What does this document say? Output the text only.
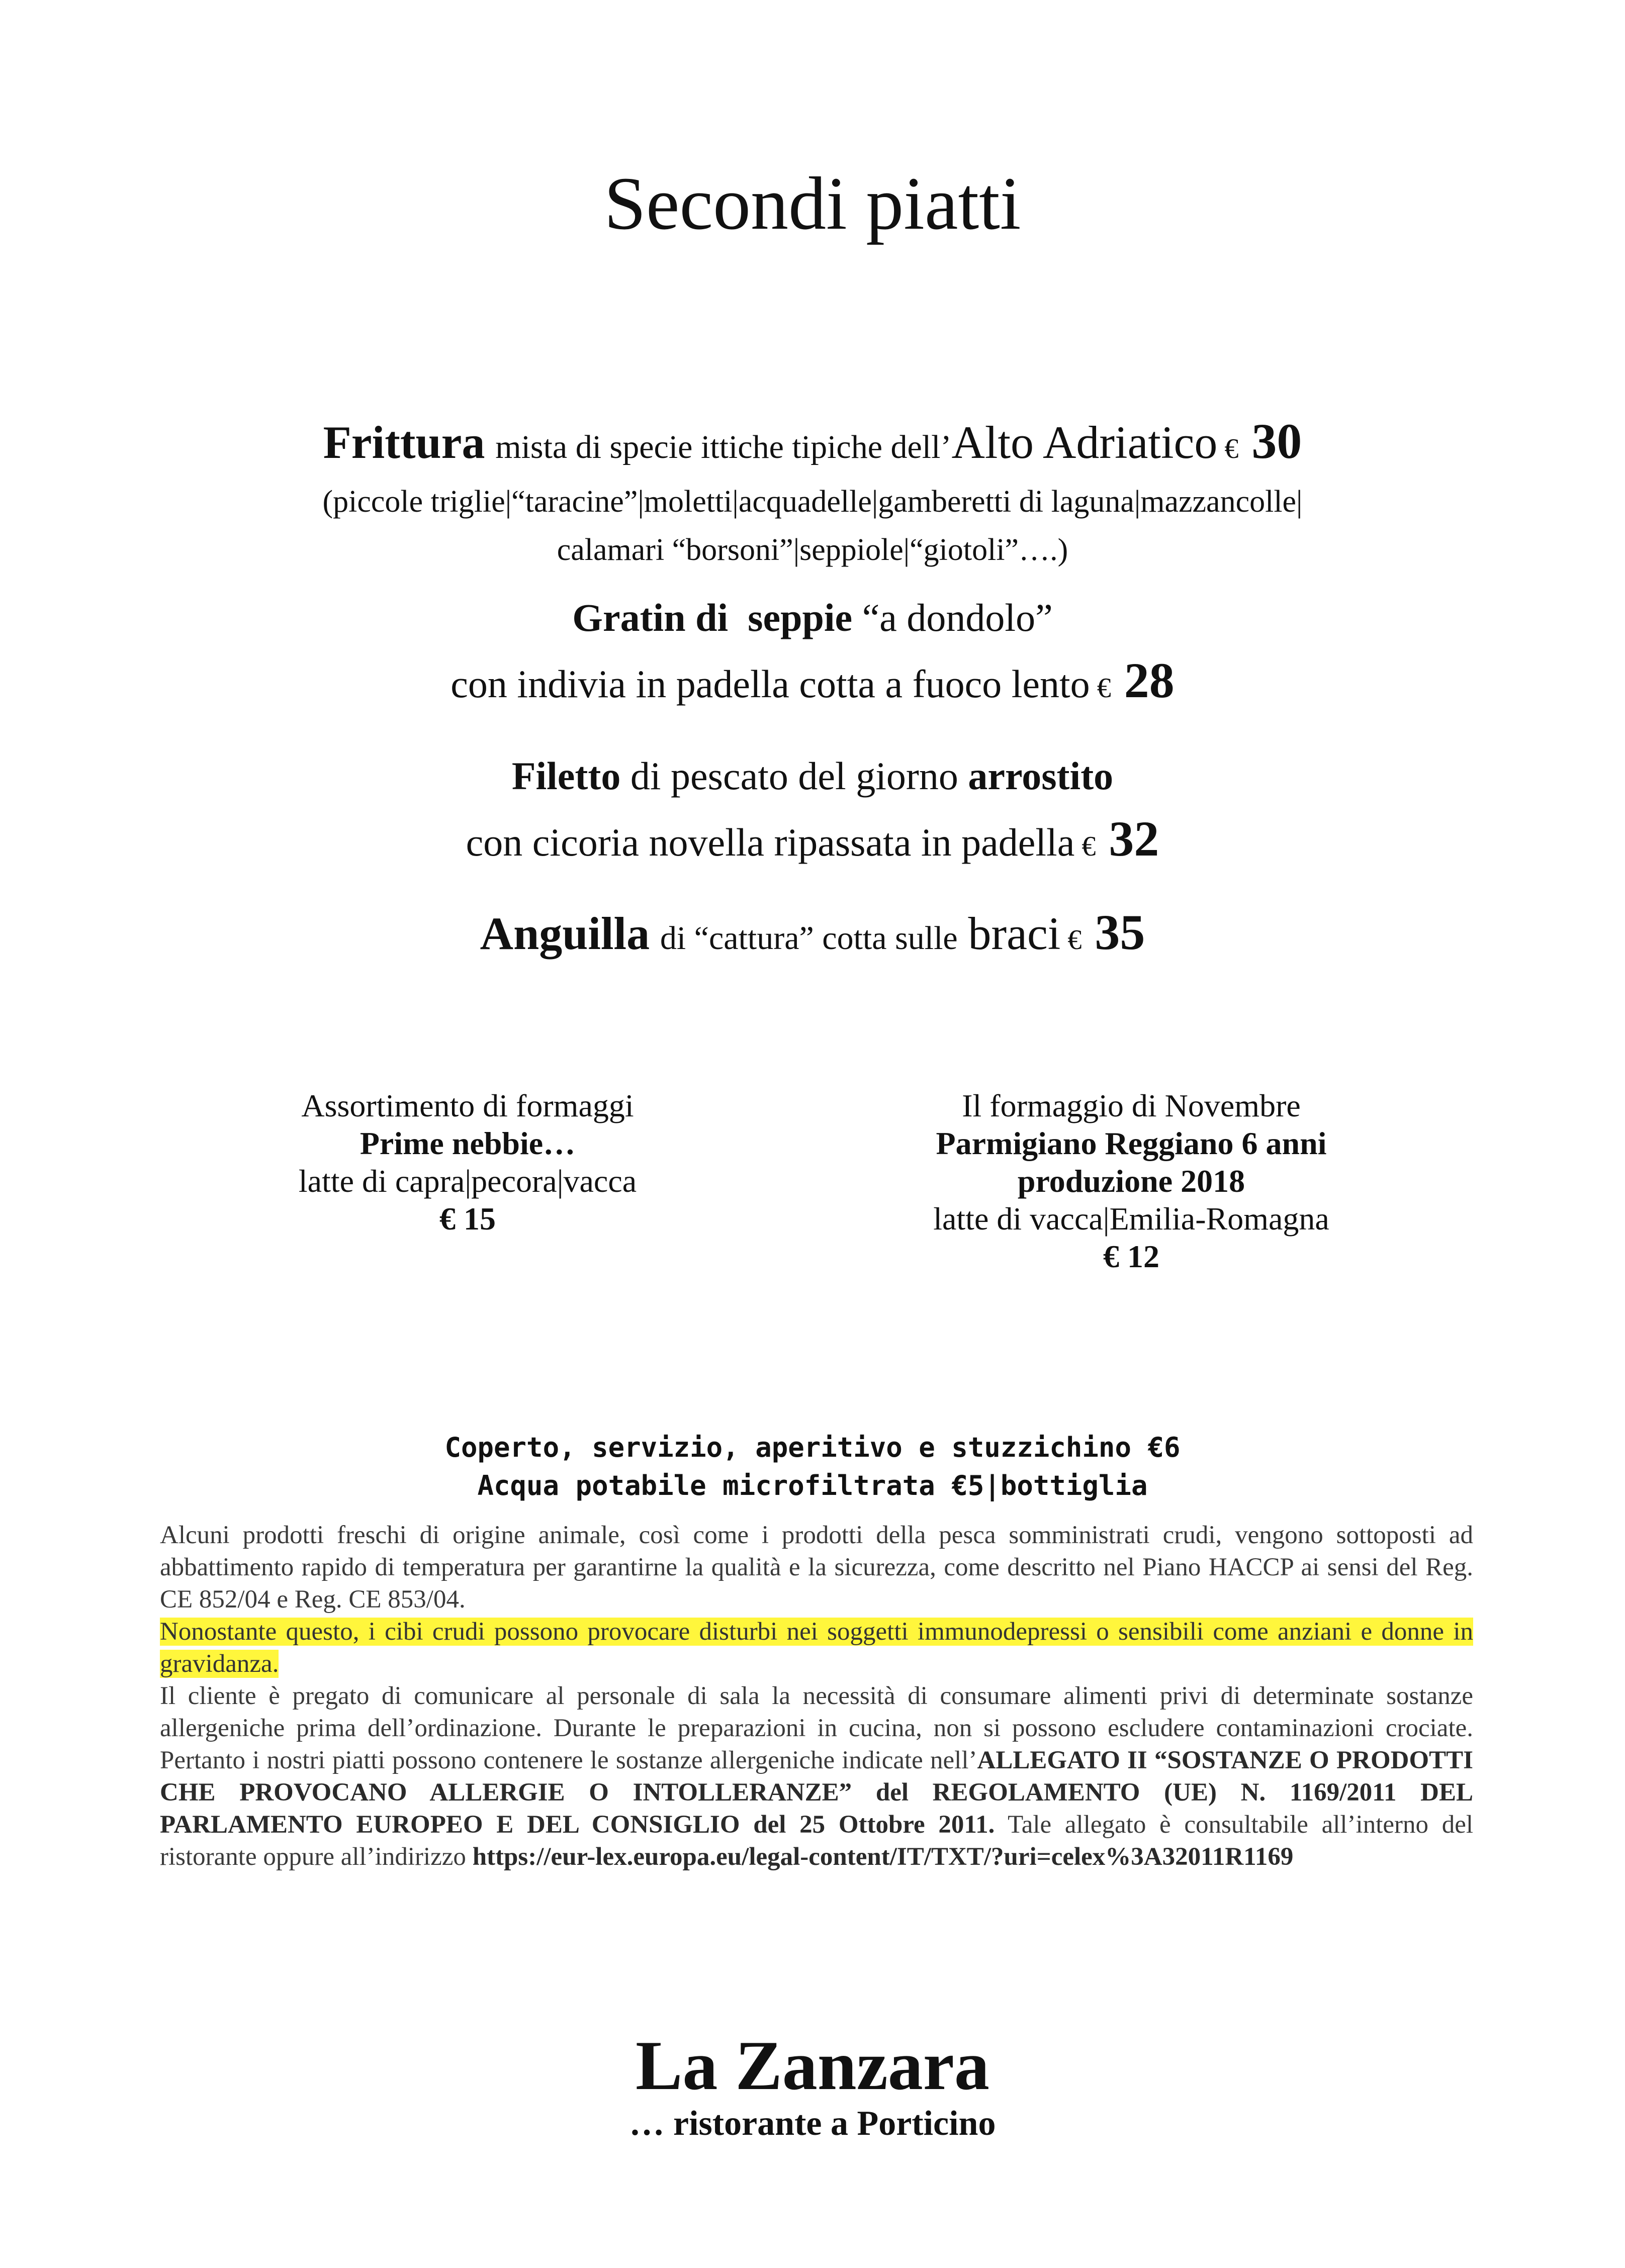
Secondi piatti
Frittura mista di specie ittiche tipiche dell’Alto Adriatico € 30
(piccole triglie|“taracine”|moletti|acquadelle|gamberetti di laguna|mazzancolle|
calamari “borsoni”|seppiole|“giotoli”….)
Gratin di  seppie “a dondolo”
con indivia in padella cotta a fuoco lento € 28
Filetto di pescato del giorno arrostito
con cicoria novella ripassata in padella € 32
Anguilla di “cattura” cotta sulle braci € 35
Assortimento di formaggi
Prime nebbie…
latte di capra|pecora|vacca
€ 15
Il formaggio di Novembre
Parmigiano Reggiano 6 anni
produzione 2018
latte di vacca|Emilia-Romagna
€ 12
Coperto, servizio, aperitivo e stuzzichino €6
Acqua potabile microfiltrata €5|bottiglia

Alcuni prodotti freschi di origine animale, così come i prodotti della pesca somministrati crudi, vengono sottoposti ad abbattimento rapido di temperatura per garantirne la qualità e la sicurezza, come descritto nel Piano HACCP ai sensi del Reg. CE 852/04 e Reg. CE 853/04.

Nonostante questo, i cibi crudi possono provocare disturbi nei soggetti immunodepressi o sensibili come anziani e donne in gravidanza.

Il cliente è pregato di comunicare al personale di sala la necessità di consumare alimenti privi di determinate sostanze allergeniche prima dell’ordinazione. Durante le preparazioni in cucina, non si possono escludere contaminazioni crociate. Pertanto i nostri piatti possono contenere le sostanze allergeniche indicate nell’ALLEGATO II “SOSTANZE O PRODOTTI CHE PROVOCANO ALLERGIE O INTOLLERANZE” del REGOLAMENTO (UE) N. 1169/2011 DEL PARLAMENTO EUROPEO E DEL CONSIGLIO del 25 Ottobre 2011. Tale allegato è consultabile all’interno del ristorante oppure all’indirizzo https://eur-lex.europa.eu/legal-content/IT/TXT/?uri=celex%3A32011R1169

La Zanzara
… ristorante a Porticino
